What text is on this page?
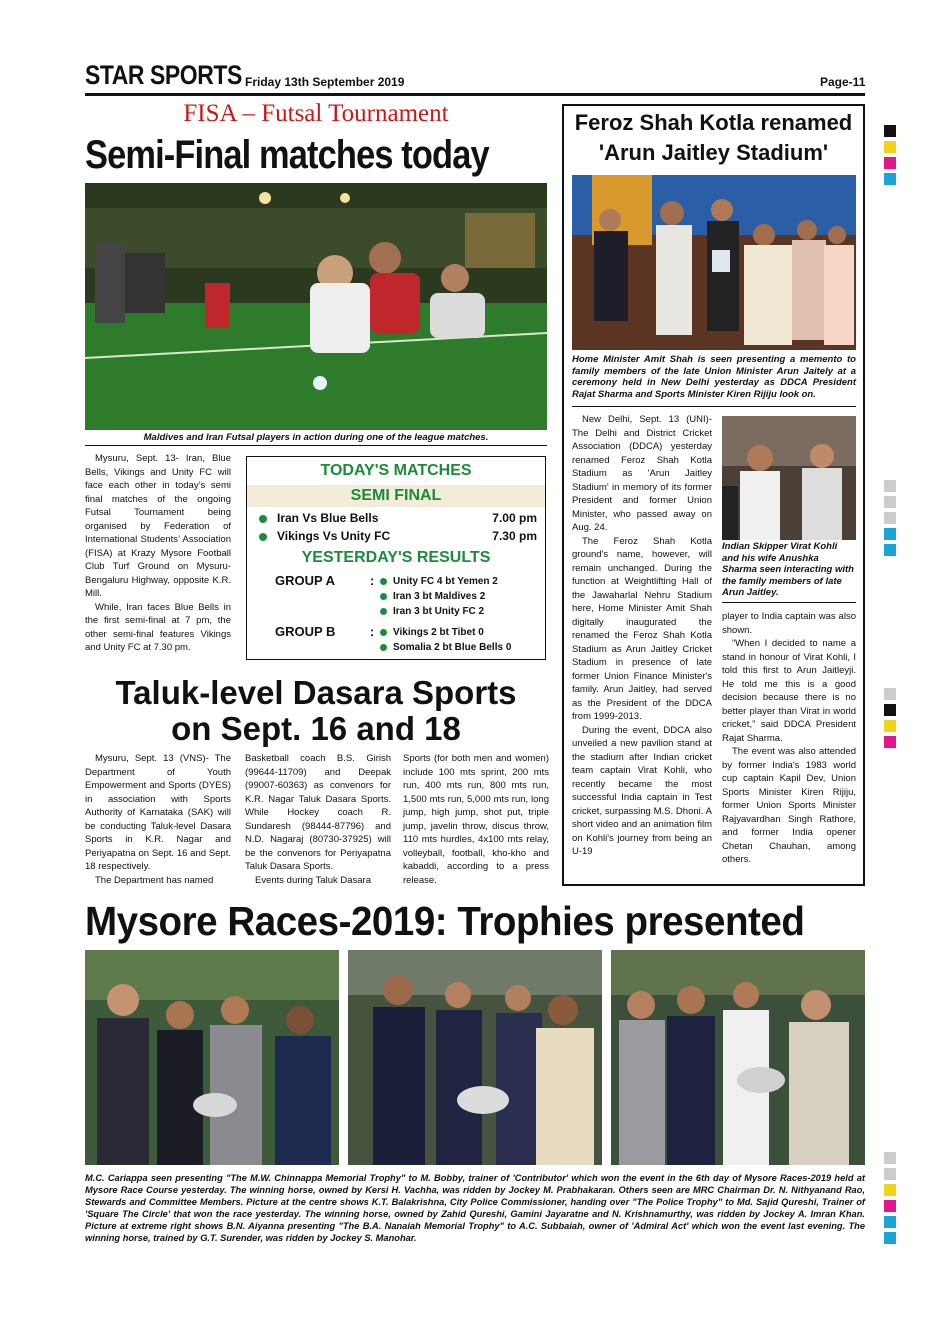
STAR SPORTS Friday 13th September 2019	Page-11
FISA – Futsal Tournament
Semi-Final matches today
Maldives and Iran Futsal players in action during one of the league matches.

Mysuru, Sept. 13- Iran, Blue Bells, Vikings and Unity FC will face each other in today’s semi final matches of the ongoing Futsal Tournament being organised by Federation of International Students’ Association (FISA) at Krazy Mysore Football Club Turf Ground on Mysuru-Bengaluru Highway, opposite K.R. Mill.

While, Iran faces Blue Bells in the first semi-final at 7 pm, the other semi-final features Vikings and Unity FC at 7.30 pm.

TODAY'S MATCHES
SEMI FINAL
Iran Vs Blue Bells	7.00 pm
Vikings Vs Unity FC	7.30 pm
YESTERDAY'S RESULTS
GROUP A	:	Unity FC 4 bt Yemen 2
Iran 3 bt Maldives 2
Iran 3 bt Unity FC 2
GROUP B	:	Vikings 2 bt Tibet 0
Somalia 2 bt Blue Bells 0
Taluk-level Dasara Sports
on Sept. 16 and 18

Mysuru, Sept. 13 (VNS)- The Department of Youth Empowerment and Sports (DYES) in association with Sports Authority of Karnataka (SAK) will be conducting Taluk-level Dasara Sports in K.R. Nagar and Periyapatna on Sept. 16 and Sept. 18 respectively.

The Department has named

Basketball coach B.S. Girish (99644-11709) and Deepak (99007-60363) as convenors for K.R. Nagar Taluk Dasara Sports. While Hockey coach R. Sundaresh (98444-87796) and N.D. Nagaraj (80730-37925) will be the convenors for Periyapatna Taluk Dasara Sports.

Events during Taluk Dasara

Sports (for both men and women) include 100 mts sprint, 200 mts run, 400 mts run, 800 mts run, 1,500 mts run, 5,000 mts run, long jump, high jump, shot put, triple jump, javelin throw, discus throw, 110 mts hurdles, 4x100 mts relay, volleyball, football, kho-kho and kabaddi, according to a press release.

Feroz Shah Kotla renamed
'Arun Jaitley Stadium'
Home Minister Amit Shah is seen presenting a memento to family members of the late Union Minister Arun Jaitely at a ceremony held in New Delhi yesterday as DDCA President Rajat Sharma and Sports Minister Kiren Rijiju look on.

New Delhi, Sept. 13 (UNI)- The Delhi and District Cricket Association (DDCA) yesterday renamed Feroz Shah Kotla Stadium as 'Arun Jaitley Stadium' in memory of its former President and former Union Minister, who passed away on Aug. 24.

The Feroz Shah Kotla ground's name, however, will remain unchanged. During the function at Weightlifting Hall of the Jawaharlal Nehru Stadium here, Home Minister Amit Shah digitally inaugurated the renamed the Feroz Shah Kotla Stadium as Arun Jaitley Cricket Stadium in presence of late former Union Finance Minister's family. Arun Jaitley, had served as the President of the DDCA from 1999-2013.

During the event, DDCA also unveiled a new pavilion stand at the stadium after Indian cricket team captain Virat Kohli, who recently became the most successful India captain in Test cricket, surpassing M.S. Dhoni. A short video and an animation film on Kohli's journey from being an U-19

Indian Skipper Virat Kohli and his wife Anushka Sharma seen interacting with the family members of late Arun Jaitley.

player to India captain was also shown.

“When I decided to name a stand in honour of Virat Kohli, I told this first to Arun Jaitleyji. He told me this is a good decision because there is no better player than Virat in world cricket,” said DDCA President Rajat Sharma.

The event was also attended by former India's 1983 world cup captain Kapil Dev, Union Sports Minister Kiren Rijiju, former Union Sports Minister Rajyavardhan Singh Rathore, and former India opener Chetan Chauhan, among others.

Mysore Races-2019: Trophies presented
M.C. Cariappa seen presenting "The M.W. Chinnappa Memorial Trophy" to M. Bobby, trainer of 'Contributor' which won the event in the 6th day of Mysore Races-2019 held at Mysore Race Course yesterday. The winning horse, owned by Kersi H. Vachha, was ridden by Jockey M. Prabhakaran. Others seen are MRC Chairman Dr. N. Nithyanand Rao, Stewards and Committee Members. Picture at the centre shows K.T. Balakrishna, City Police Commissioner, handing over "The Police Trophy" to Md. Sajid Qureshi, Trainer of 'Square The Circle' that won the race yesterday. The winning horse, owned by Zahid Qureshi, Gamini Jayaratne and N. Krishnamurthy, was ridden by Jockey A. Imran Khan. Picture at extreme right shows B.N. Aiyanna presenting "The B.A. Nanaiah Memorial Trophy" to A.C. Subbaiah, owner of 'Admiral Act' which won the event last evening. The winning horse, trained by G.T. Surender, was ridden by Jockey S. Manohar.
